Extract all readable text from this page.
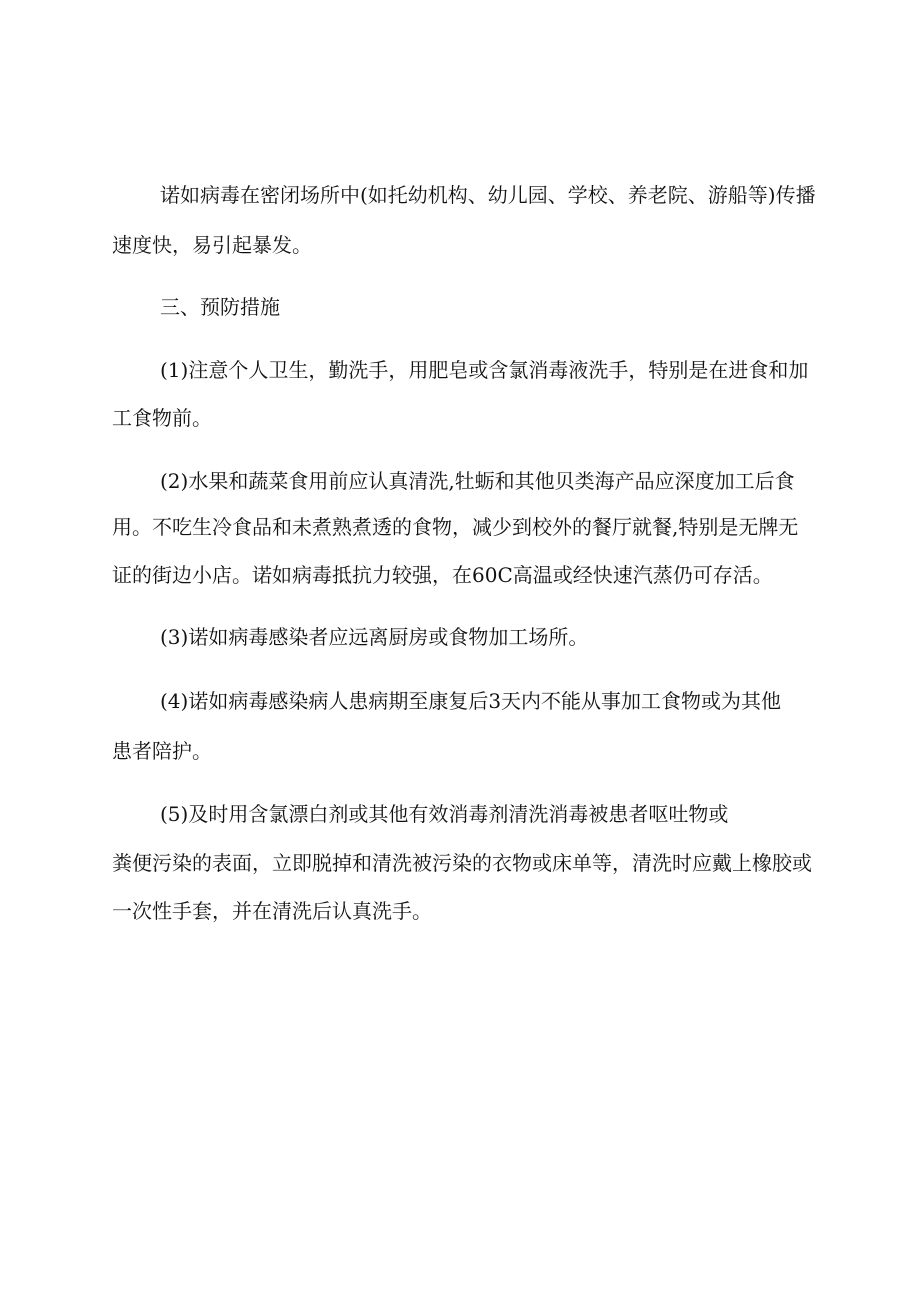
诺如病毒在密闭场所中(如托幼机构、幼儿园、学校、养老院、游船等)传播
速度快，易引起暴发。
三、预防措施
(1)注意个人卫生，勤洗手，用肥皂或含氯消毒液洗手，特别是在进食和加
工食物前。
(2)水果和蔬菜食用前应认真清洗,牡蛎和其他贝类海产品应深度加工后食
用。不吃生冷食品和未煮熟煮透的食物，减少到校外的餐厅就餐,特别是无牌无
证的街边小店。诺如病毒抵抗力较强，在60C高温或经快速汽蒸仍可存活。
(3)诺如病毒感染者应远离厨房或食物加工场所。
(4)诺如病毒感染病人患病期至康复后3天内不能从事加工食物或为其他
患者陪护。
(5)及时用含氯漂白剂或其他有效消毒剂清洗消毒被患者呕吐物或
粪便污染的表面，立即脱掉和清洗被污染的衣物或床单等，清洗时应戴上橡胶或
一次性手套，并在清洗后认真洗手。
